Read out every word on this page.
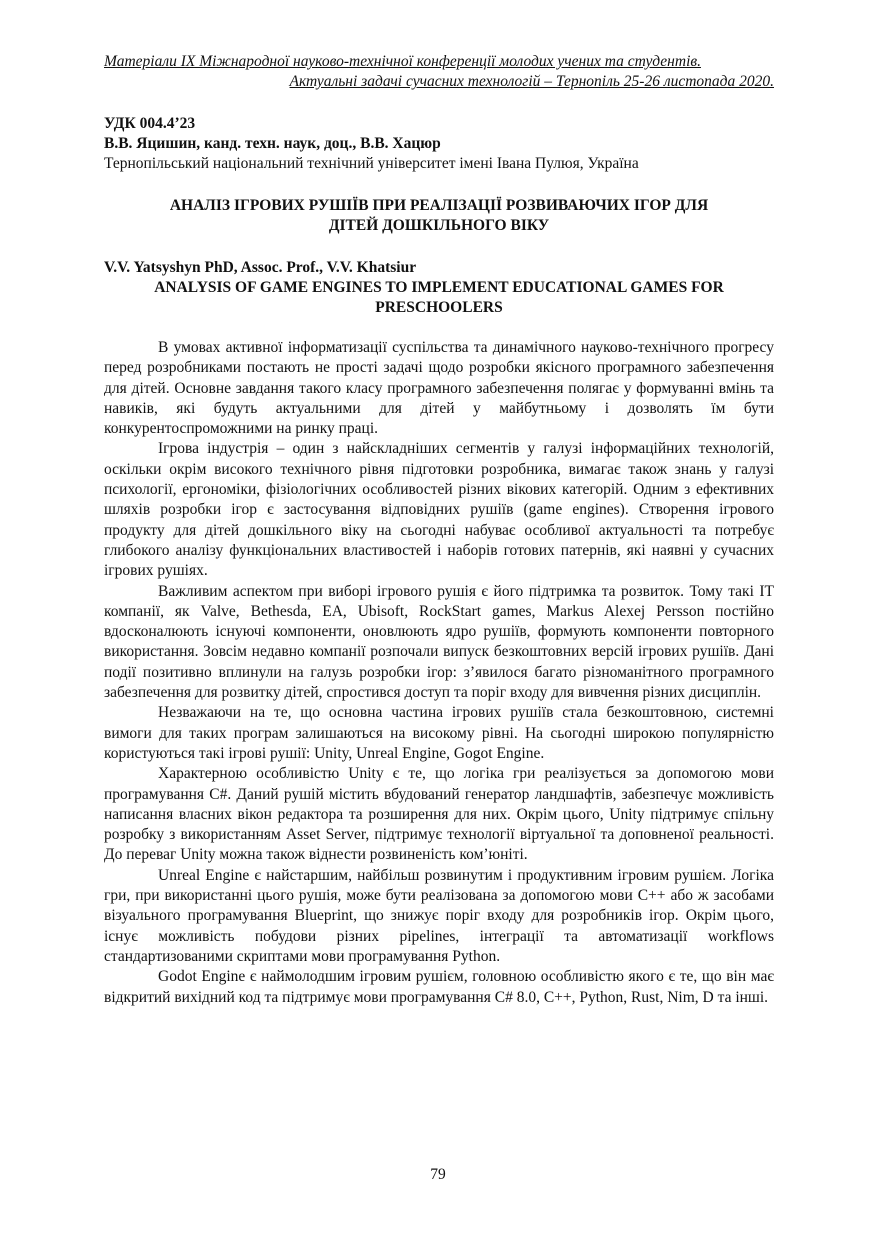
Матеріали IX Міжнародної науково-технічної конференції молодих учених та студентів.
Актуальні задачі сучасних технологій – Тернопіль 25-26 листопада 2020.
УДК 004.4’23
В.В. Яцишин, канд. техн. наук, доц., В.В. Хацюр
Тернопільський національний технічний університет імені Івана Пулюя, Україна
АНАЛІЗ ІГРОВИХ РУШІЇВ ПРИ РЕАЛІЗАЦІЇ РОЗВИВАЮЧИХ ІГОР ДЛЯ
ДІТЕЙ ДОШКІЛЬНОГО ВІКУ
V.V. Yatsyshyn PhD, Assoc. Prof., V.V. Khatsiur
ANALYSIS OF GAME ENGINES TO IMPLEMENT EDUCATIONAL GAMES FOR
PRESCHOOLERS

В умовах активної інформатизації суспільства та динамічного науково-технічного прогресу перед розробниками постають не прості задачі щодо розробки якісного програмного забезпечення для дітей. Основне завдання такого класу програмного забезпечення полягає у формуванні вмінь та навиків, які будуть актуальними для дітей у майбутньому і дозволять їм бути конкурентоспроможними на ринку праці.

Ігрова індустрія – один з найскладніших сегментів у галузі інформаційних технологій, оскільки окрім високого технічного рівня підготовки розробника, вимагає також знань у галузі психології, ергономіки, фізіологічних особливостей різних вікових категорій. Одним з ефективних шляхів розробки ігор є застосування відповідних рушіїв (game engines). Створення ігрового продукту для дітей дошкільного віку на сьогодні набуває особливої актуальності та потребує глибокого аналізу функціональних властивостей і наборів готових патернів, які наявні у сучасних ігрових рушіях.

Важливим аспектом при виборі ігрового рушія є його підтримка та розвиток. Тому такі IT компанії, як Valve, Bethesda, EA, Ubisoft, RockStart games, Markus Alexej Persson постійно вдосконалюють існуючі компоненти, оновлюють ядро рушіїв, формують компоненти повторного використання. Зовсім недавно компанії розпочали випуск безкоштовних версій ігрових рушіїв. Дані події позитивно вплинули на галузь розробки ігор: з’явилося багато різноманітного програмного забезпечення для розвитку дітей, спростився доступ та поріг входу для вивчення різних дисциплін.

Незважаючи на те, що основна частина ігрових рушіїв стала безкоштовною, системні вимоги для таких програм залишаються на високому рівні. На сьогодні широкою популярністю користуються такі ігрові рушії: Unity, Unreal Engine, Gogot Engine.

Характерною особливістю Unity є те, що логіка гри реалізується за допомогою мови програмування C#. Даний рушій містить вбудований генератор ландшафтів, забезпечує можливість написання власних вікон редактора та розширення для них. Окрім цього, Unity підтримує спільну розробку з використанням Asset Server, підтримує технології віртуальної та доповненої реальності. До переваг Unity можна також віднести розвиненість ком’юніті.

Unreal Engine є найстаршим, найбільш розвинутим і продуктивним ігровим рушієм. Логіка гри, при використанні цього рушія, може бути реалізована за допомогою мови C++ або ж засобами візуального програмування Blueprint, що знижує поріг входу для розробників ігор. Окрім цього, існує можливість побудови різних pipelines, інтеграції та автоматизації workflows стандартизованими скриптами мови програмування Python.

Godot Engine є наймолодшим ігровим рушієм, головною особливістю якого є те, що він має відкритий вихідний код та підтримує мови програмування C# 8.0, C++, Python, Rust, Nim, D та інші.

79
